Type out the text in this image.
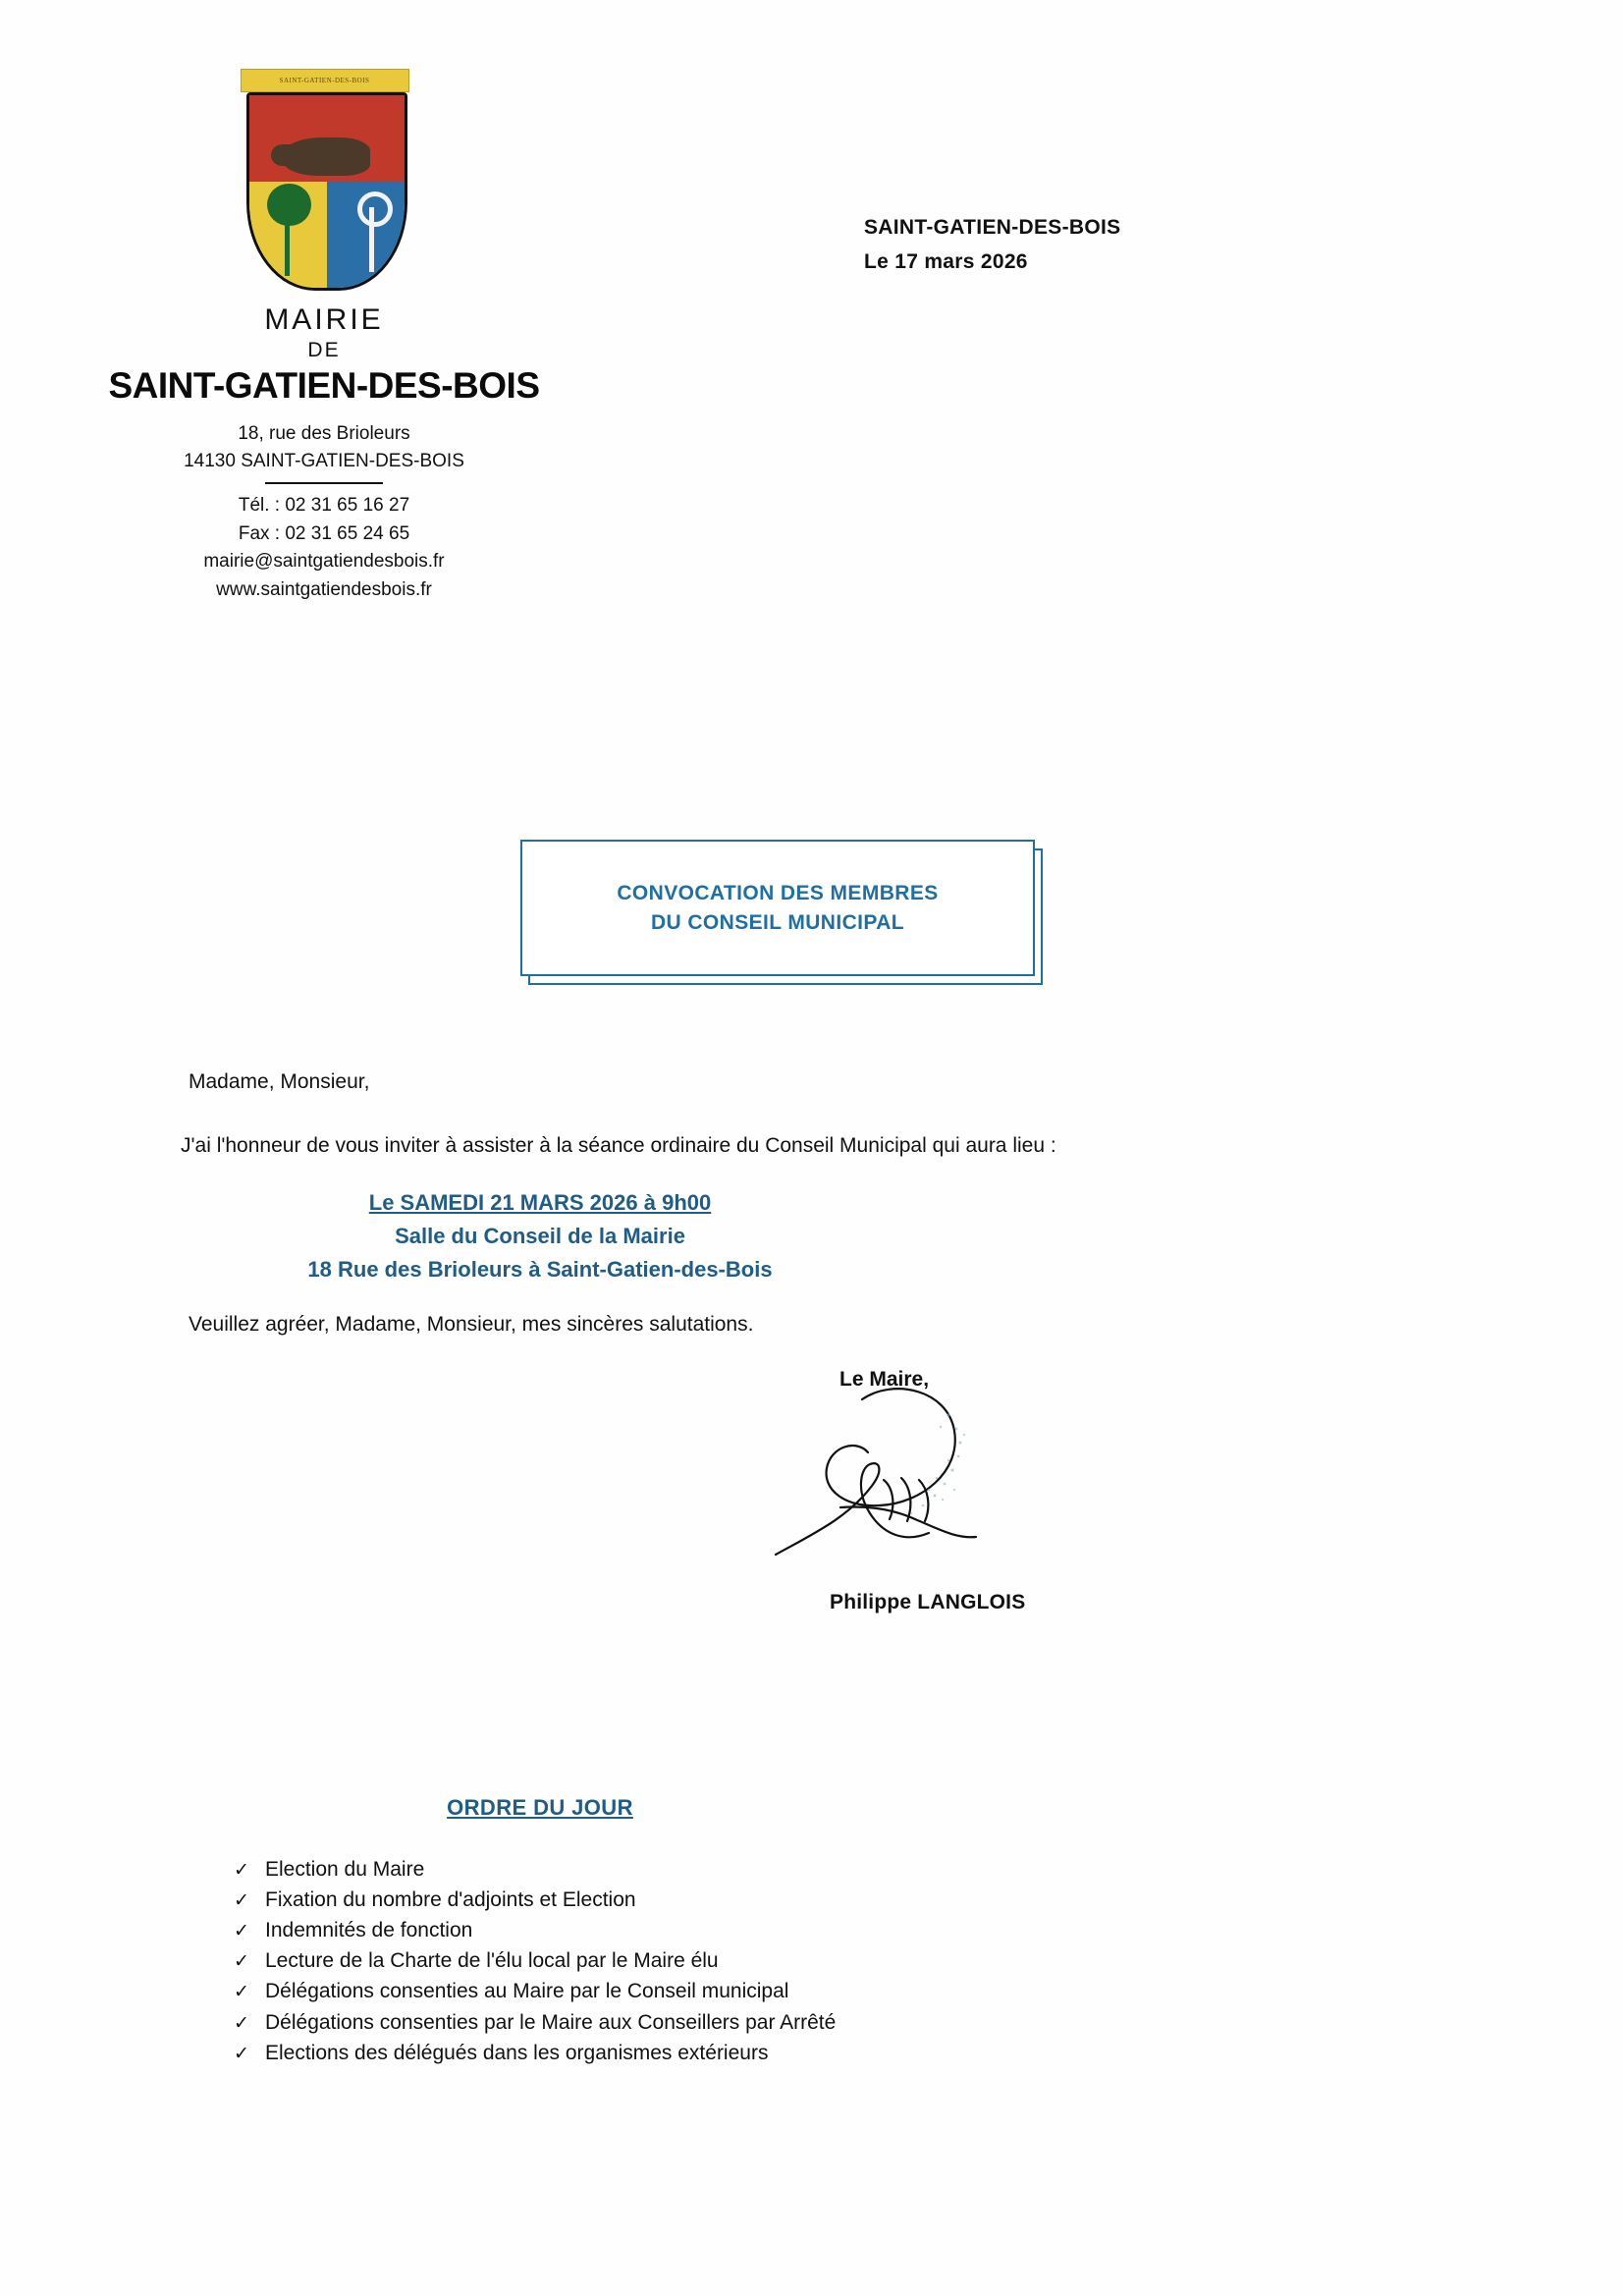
SAINT-GATIEN-DES-BOIS
MAIRIE
DE
SAINT-GATIEN-DES-BOIS
18, rue des Brioleurs
14130 SAINT-GATIEN-DES-BOIS
Tél. : 02 31 65 16 27
Fax : 02 31 65 24 65
mairie@saintgatiendesbois.fr
www.saintgatiendesbois.fr
SAINT-GATIEN-DES-BOIS
Le 17 mars 2026
CONVOCATION DES MEMBRES
DU CONSEIL MUNICIPAL
Madame, Monsieur,
J'ai l'honneur de vous inviter à assister à la séance ordinaire du Conseil Municipal qui aura lieu :
Le SAMEDI 21 MARS 2026 à 9h00
Salle du Conseil de la Mairie
18 Rue des Brioleurs à Saint-Gatien-des-Bois
Veuillez agréer, Madame, Monsieur, mes sincères salutations.
Le Maire,
Philippe LANGLOIS
ORDRE DU JOUR
✓ Election du Maire
✓ Fixation du nombre d'adjoints et Election
✓ Indemnités de fonction
✓ Lecture de la Charte de l'élu local par le Maire élu
✓ Délégations consenties au Maire par le Conseil municipal
✓ Délégations consenties par le Maire aux Conseillers par Arrêté
✓ Elections des délégués dans les organismes extérieurs
